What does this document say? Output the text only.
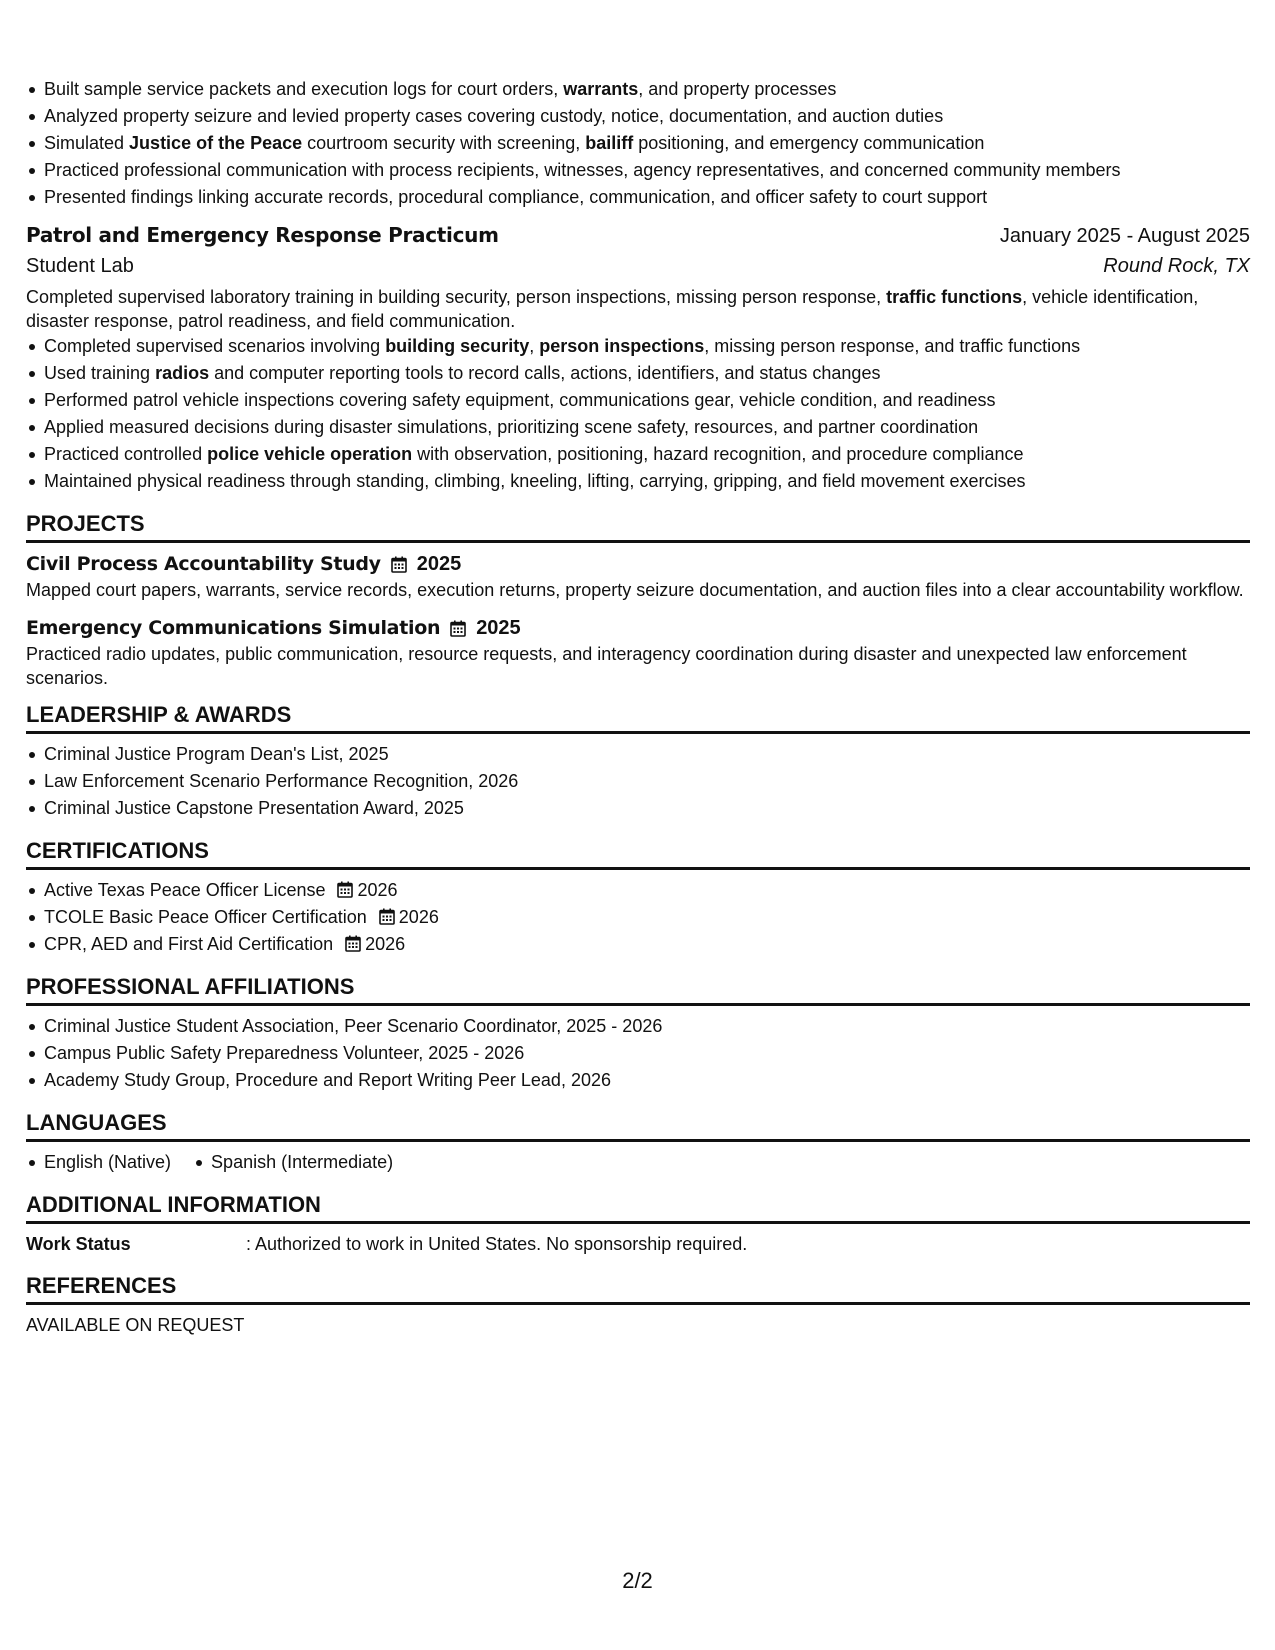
Built sample service packets and execution logs for court orders, warrants, and property processes
Analyzed property seizure and levied property cases covering custody, notice, documentation, and auction duties
Simulated Justice of the Peace courtroom security with screening, bailiff positioning, and emergency communication
Practiced professional communication with process recipients, witnesses, agency representatives, and concerned community members
Presented findings linking accurate records, procedural compliance, communication, and officer safety to court support
Patrol and Emergency Response Practicum	January 2025 - August 2025
Student Lab	Round Rock, TX
Completed supervised laboratory training in building security, person inspections, missing person response, traffic functions, vehicle identification, disaster response, patrol readiness, and field communication.
Completed supervised scenarios involving building security, person inspections, missing person response, and traffic functions
Used training radios and computer reporting tools to record calls, actions, identifiers, and status changes
Performed patrol vehicle inspections covering safety equipment, communications gear, vehicle condition, and readiness
Applied measured decisions during disaster simulations, prioritizing scene safety, resources, and partner coordination
Practiced controlled police vehicle operation with observation, positioning, hazard recognition, and procedure compliance
Maintained physical readiness through standing, climbing, kneeling, lifting, carrying, gripping, and field movement exercises
PROJECTS
Civil Process Accountability Study 2025
Mapped court papers, warrants, service records, execution returns, property seizure documentation, and auction files into a clear accountability workflow.
Emergency Communications Simulation 2025
Practiced radio updates, public communication, resource requests, and interagency coordination during disaster and unexpected law enforcement scenarios.
LEADERSHIP & AWARDS
Criminal Justice Program Dean's List, 2025
Law Enforcement Scenario Performance Recognition, 2026
Criminal Justice Capstone Presentation Award, 2025
CERTIFICATIONS
Active Texas Peace Officer License 2026
TCOLE Basic Peace Officer Certification 2026
CPR, AED and First Aid Certification 2026
PROFESSIONAL AFFILIATIONS
Criminal Justice Student Association, Peer Scenario Coordinator, 2025 - 2026
Campus Public Safety Preparedness Volunteer, 2025 - 2026
Academy Study Group, Procedure and Report Writing Peer Lead, 2026
LANGUAGES
English (Native) Spanish (Intermediate)
ADDITIONAL INFORMATION
Work Status	: Authorized to work in United States. No sponsorship required.
REFERENCES
AVAILABLE ON REQUEST
2/2
